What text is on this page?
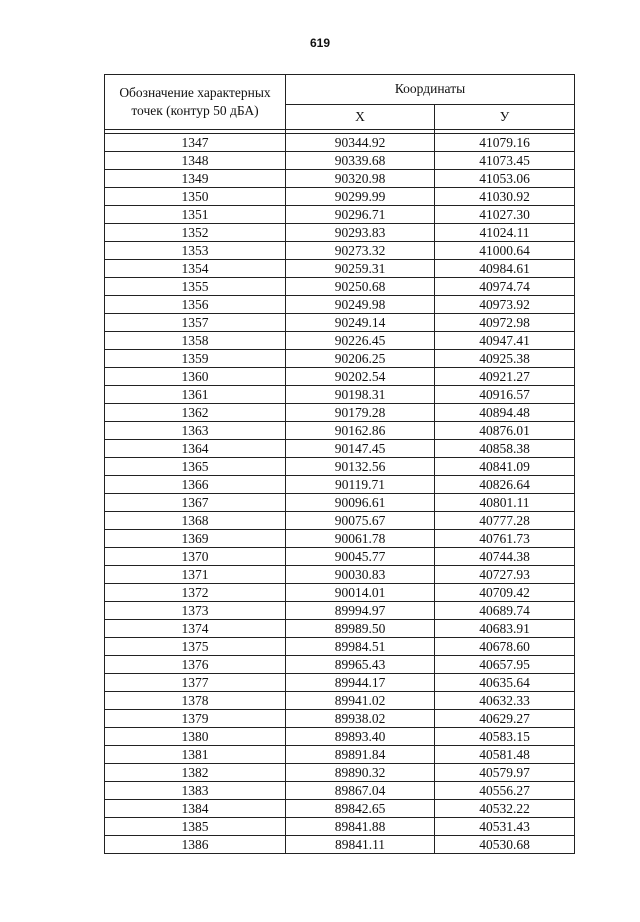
619
Обозначение характерных точек (контур 50 дБА)	Координаты	
	Х	У

1347	90344.92	41079.16
1348	90339.68	41073.45
1349	90320.98	41053.06
1350	90299.99	41030.92
1351	90296.71	41027.30
1352	90293.83	41024.11
1353	90273.32	41000.64
1354	90259.31	40984.61
1355	90250.68	40974.74
1356	90249.98	40973.92
1357	90249.14	40972.98
1358	90226.45	40947.41
1359	90206.25	40925.38
1360	90202.54	40921.27
1361	90198.31	40916.57
1362	90179.28	40894.48
1363	90162.86	40876.01
1364	90147.45	40858.38
1365	90132.56	40841.09
1366	90119.71	40826.64
1367	90096.61	40801.11
1368	90075.67	40777.28
1369	90061.78	40761.73
1370	90045.77	40744.38
1371	90030.83	40727.93
1372	90014.01	40709.42
1373	89994.97	40689.74
1374	89989.50	40683.91
1375	89984.51	40678.60
1376	89965.43	40657.95
1377	89944.17	40635.64
1378	89941.02	40632.33
1379	89938.02	40629.27
1380	89893.40	40583.15
1381	89891.84	40581.48
1382	89890.32	40579.97
1383	89867.04	40556.27
1384	89842.65	40532.22
1385	89841.88	40531.43
1386	89841.11	40530.68
